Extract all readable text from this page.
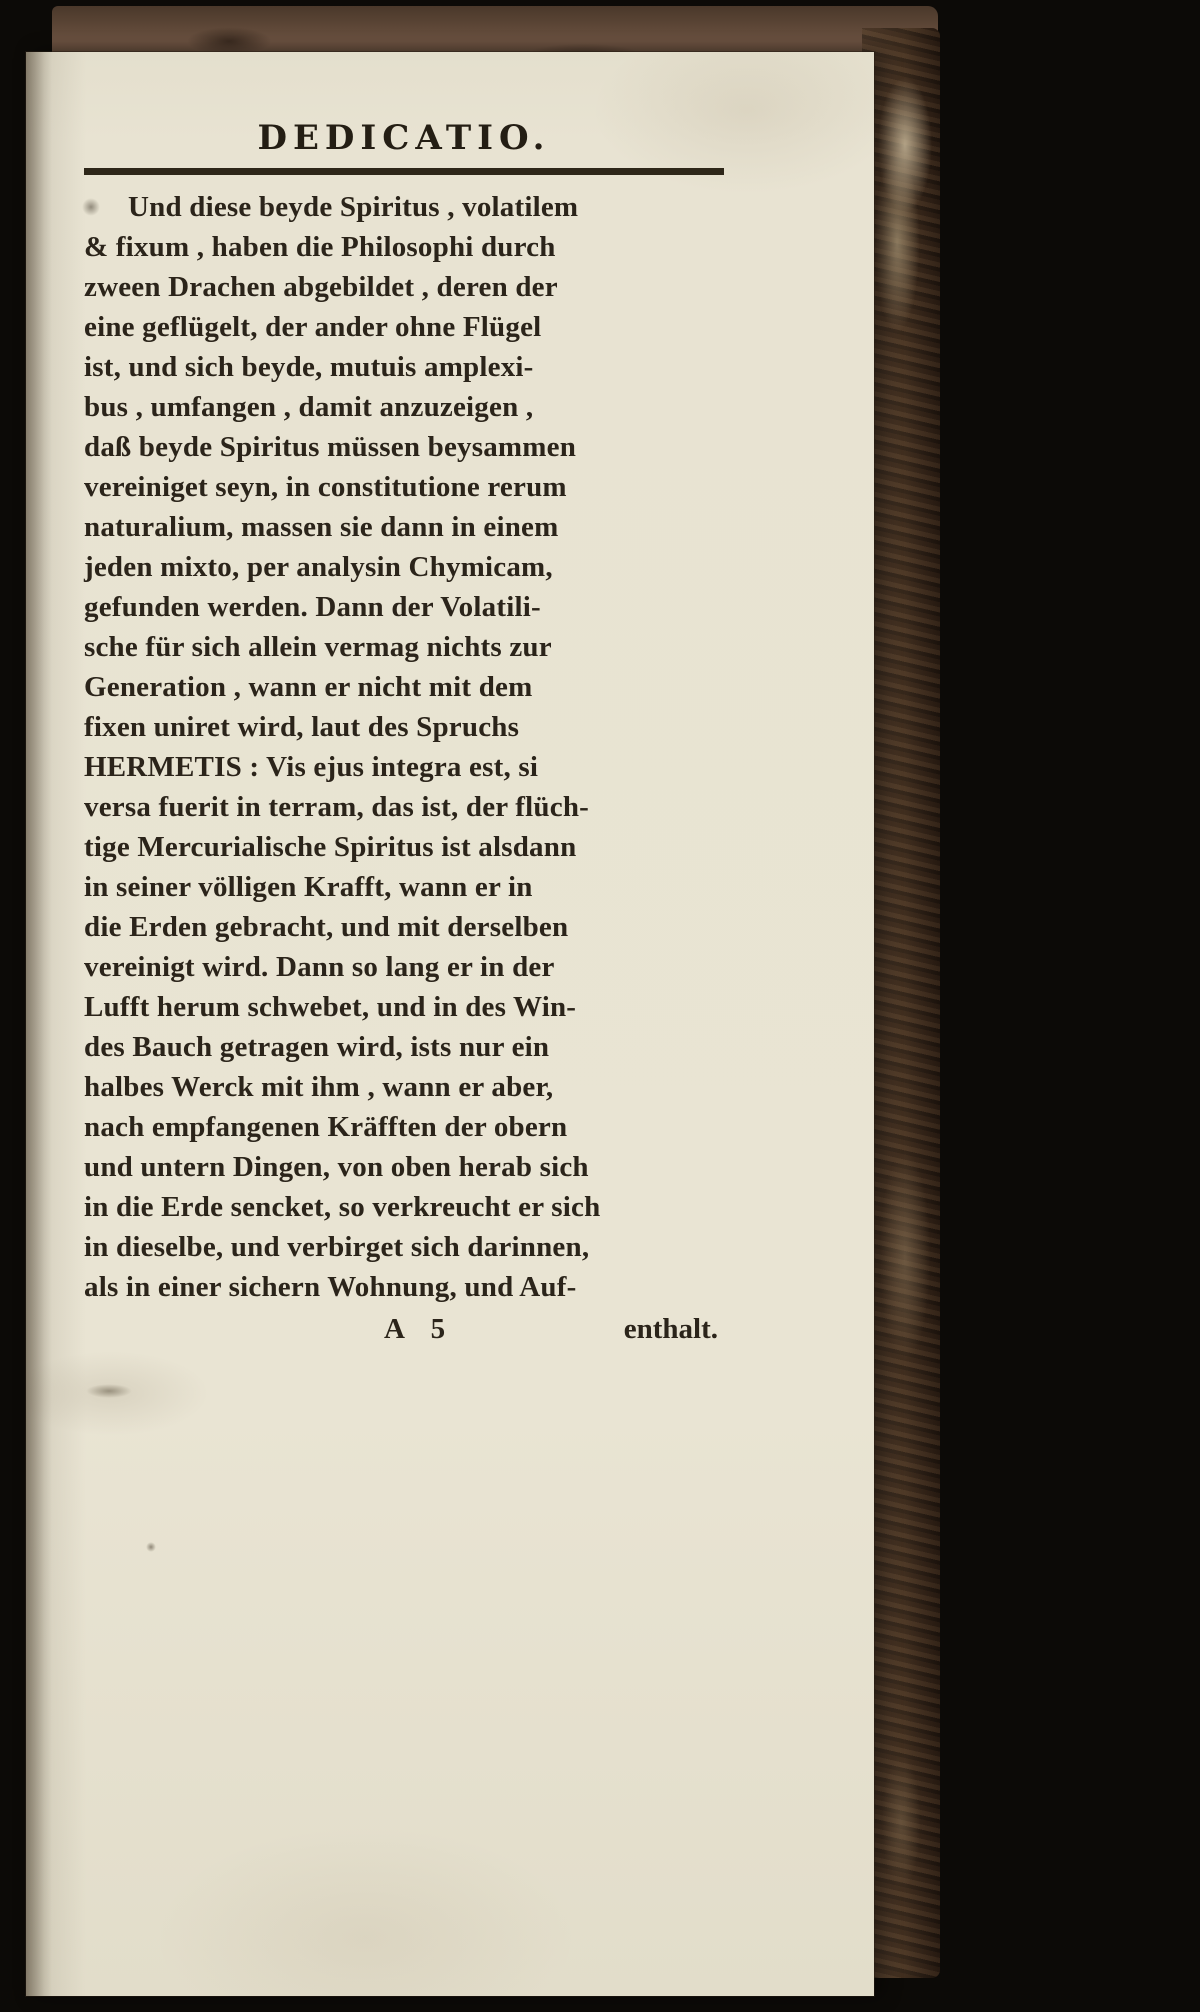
DEDICATIO.

Und diese beyde Spiritus , volatilem

& fixum , haben die Philosophi durch

zween Drachen abgebildet , deren der

eine geflügelt, der ander ohne Flügel

ist, und sich beyde, mutuis amplexi-

bus , umfangen , damit anzuzeigen ,

daß beyde Spiritus müssen beysammen

vereiniget seyn, in constitutione rerum

naturalium, massen sie dann in einem

jeden mixto, per analysin Chymicam,

gefunden werden. Dann der Volatili-

sche für sich allein vermag nichts zur

Generation , wann er nicht mit dem

fixen uniret wird, laut des Spruchs

HERMETIS : Vis ejus integra est, si

versa fuerit in terram, das ist, der flüch-

tige Mercurialische Spiritus ist alsdann

in seiner völligen Krafft, wann er in

die Erden gebracht, und mit derselben

vereinigt wird. Dann so lang er in der

Lufft herum schwebet, und in des Win-

des Bauch getragen wird, ists nur ein

halbes Werck mit ihm , wann er aber,

nach empfangenen Kräfften der obern

und untern Dingen, von oben herab sich

in die Erde sencket, so verkreucht er sich

in dieselbe, und verbirget sich darinnen,

als in einer sichern Wohnung, und Auf-

A 5	enthalt.
